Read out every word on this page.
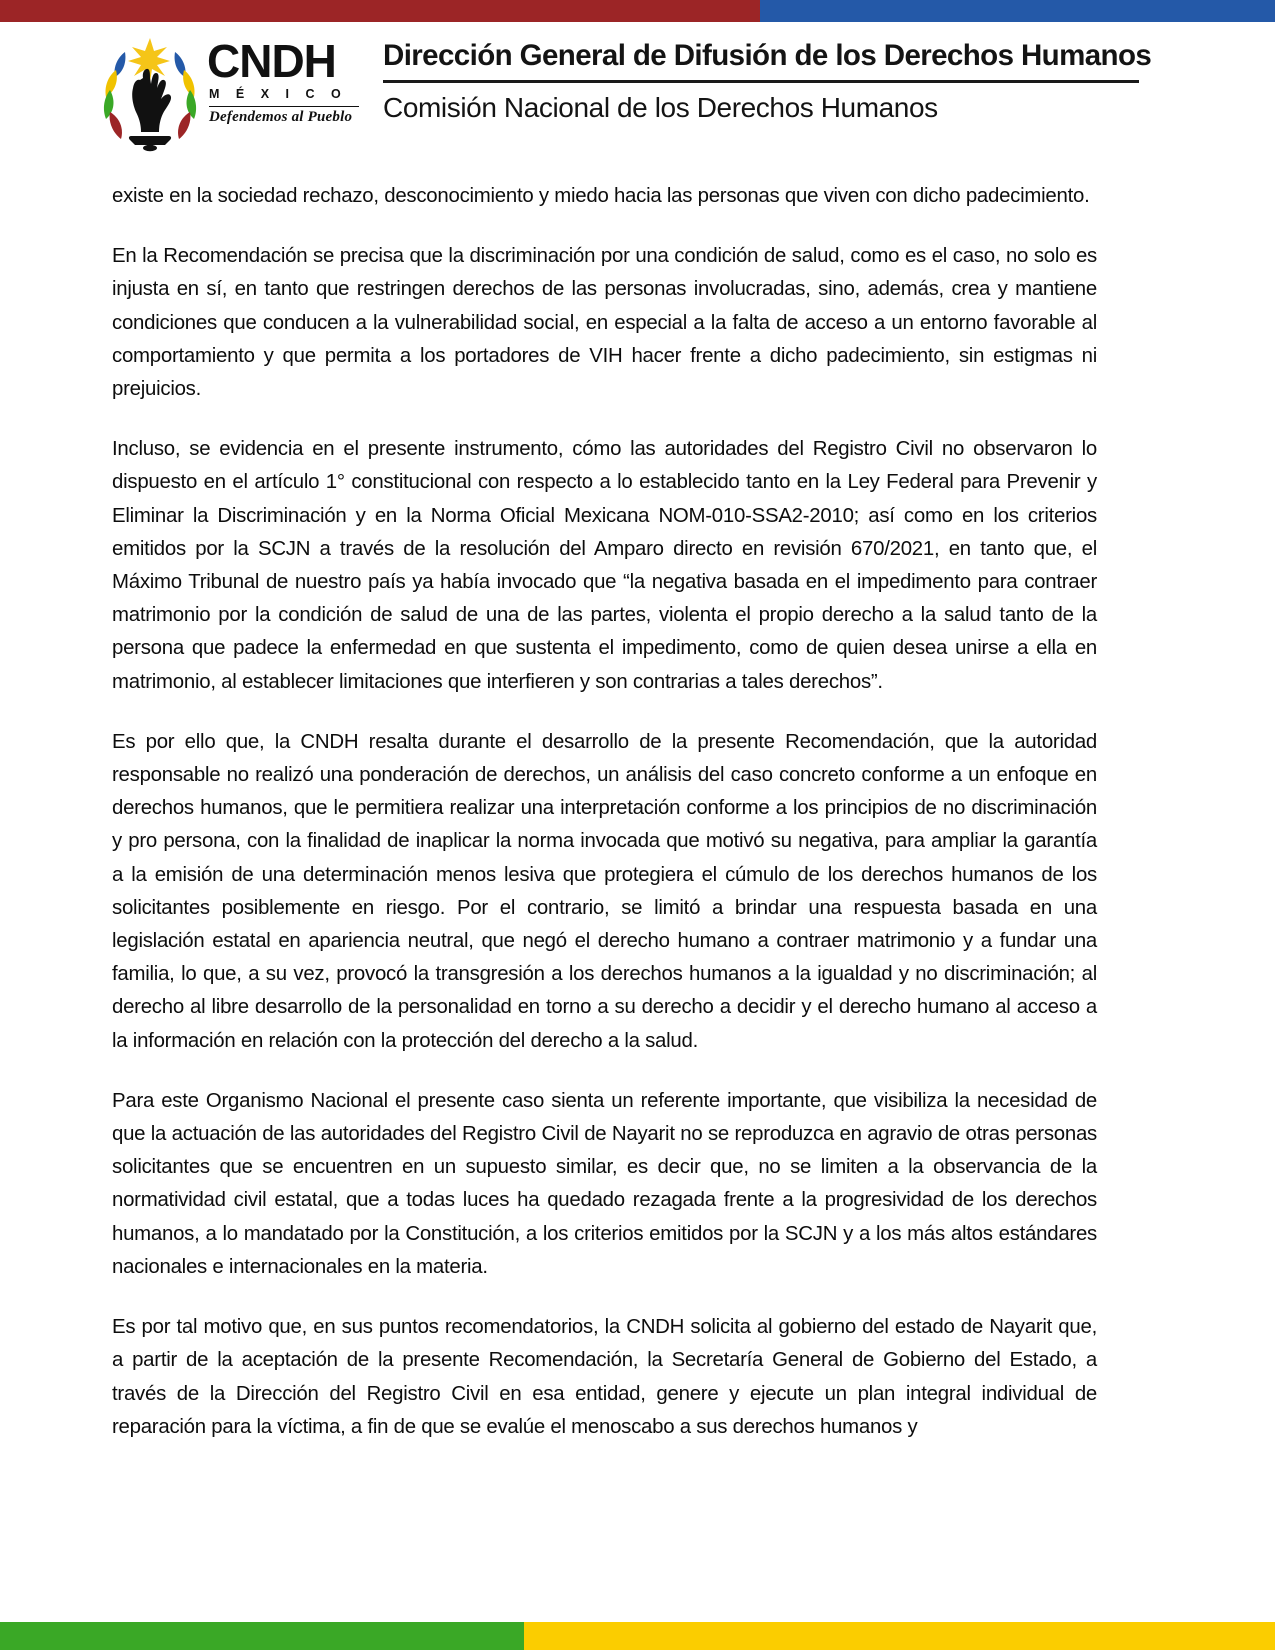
CNDH
M É X I C O
Defendemos al Pueblo
Dirección General de Difusión de los Derechos Humanos
Comisión Nacional de los Derechos Humanos

existe en la sociedad rechazo, desconocimiento y miedo hacia las personas que viven con dicho padecimiento.

En la Recomendación se precisa que la discriminación por una condición de salud, como es el caso, no solo es injusta en sí, en tanto que restringen derechos de las personas involucradas, sino, además, crea y mantiene condiciones que conducen a la vulnerabilidad social, en especial a la falta de acceso a un entorno favorable al comportamiento y que permita a los portadores de VIH hacer frente a dicho padecimiento, sin estigmas ni prejuicios.

Incluso, se evidencia en el presente instrumento, cómo las autoridades del Registro Civil no observaron lo dispuesto en el artículo 1° constitucional con respecto a lo establecido tanto en la Ley Federal para Prevenir y Eliminar la Discriminación y en la Norma Oficial Mexicana NOM-010-SSA2-2010; así como en los criterios emitidos por la SCJN a través de la resolución del Amparo directo en revisión 670/2021, en tanto que, el Máximo Tribunal de nuestro país ya había invocado que “la negativa basada en el impedimento para contraer matrimonio por la condición de salud de una de las partes, violenta el propio derecho a la salud tanto de la persona que padece la enfermedad en que sustenta el impedimento, como de quien desea unirse a ella en matrimonio, al establecer limitaciones que interfieren y son contrarias a tales derechos”.

Es por ello que, la CNDH resalta durante el desarrollo de la presente Recomendación, que la autoridad responsable no realizó una ponderación de derechos, un análisis del caso concreto conforme a un enfoque en derechos humanos, que le permitiera realizar una interpretación conforme a los principios de no discriminación y pro persona, con la finalidad de inaplicar la norma invocada que motivó su negativa, para ampliar la garantía a la emisión de una determinación menos lesiva que protegiera el cúmulo de los derechos humanos de los solicitantes posiblemente en riesgo. Por el contrario, se limitó a brindar una respuesta basada en una legislación estatal en apariencia neutral, que negó el derecho humano a contraer matrimonio y a fundar una familia, lo que, a su vez, provocó la transgresión a los derechos humanos a la igualdad y no discriminación; al derecho al libre desarrollo de la personalidad en torno a su derecho a decidir y el derecho humano al acceso a la información en relación con la protección del derecho a la salud.

Para este Organismo Nacional el presente caso sienta un referente importante, que visibiliza la necesidad de que la actuación de las autoridades del Registro Civil de Nayarit no se reproduzca en agravio de otras personas solicitantes que se encuentren en un supuesto similar, es decir que, no se limiten a la observancia de la normatividad civil estatal, que a todas luces ha quedado rezagada frente a la progresividad de los derechos humanos, a lo mandatado por la Constitución, a los criterios emitidos por la SCJN y a los más altos estándares nacionales e internacionales en la materia.

Es por tal motivo que, en sus puntos recomendatorios, la CNDH solicita al gobierno del estado de Nayarit que, a partir de la aceptación de la presente Recomendación, la Secretaría General de Gobierno del Estado, a través de la Dirección del Registro Civil en esa entidad, genere y ejecute un plan integral individual de reparación para la víctima, a fin de que se evalúe el menoscabo a sus derechos humanos y
